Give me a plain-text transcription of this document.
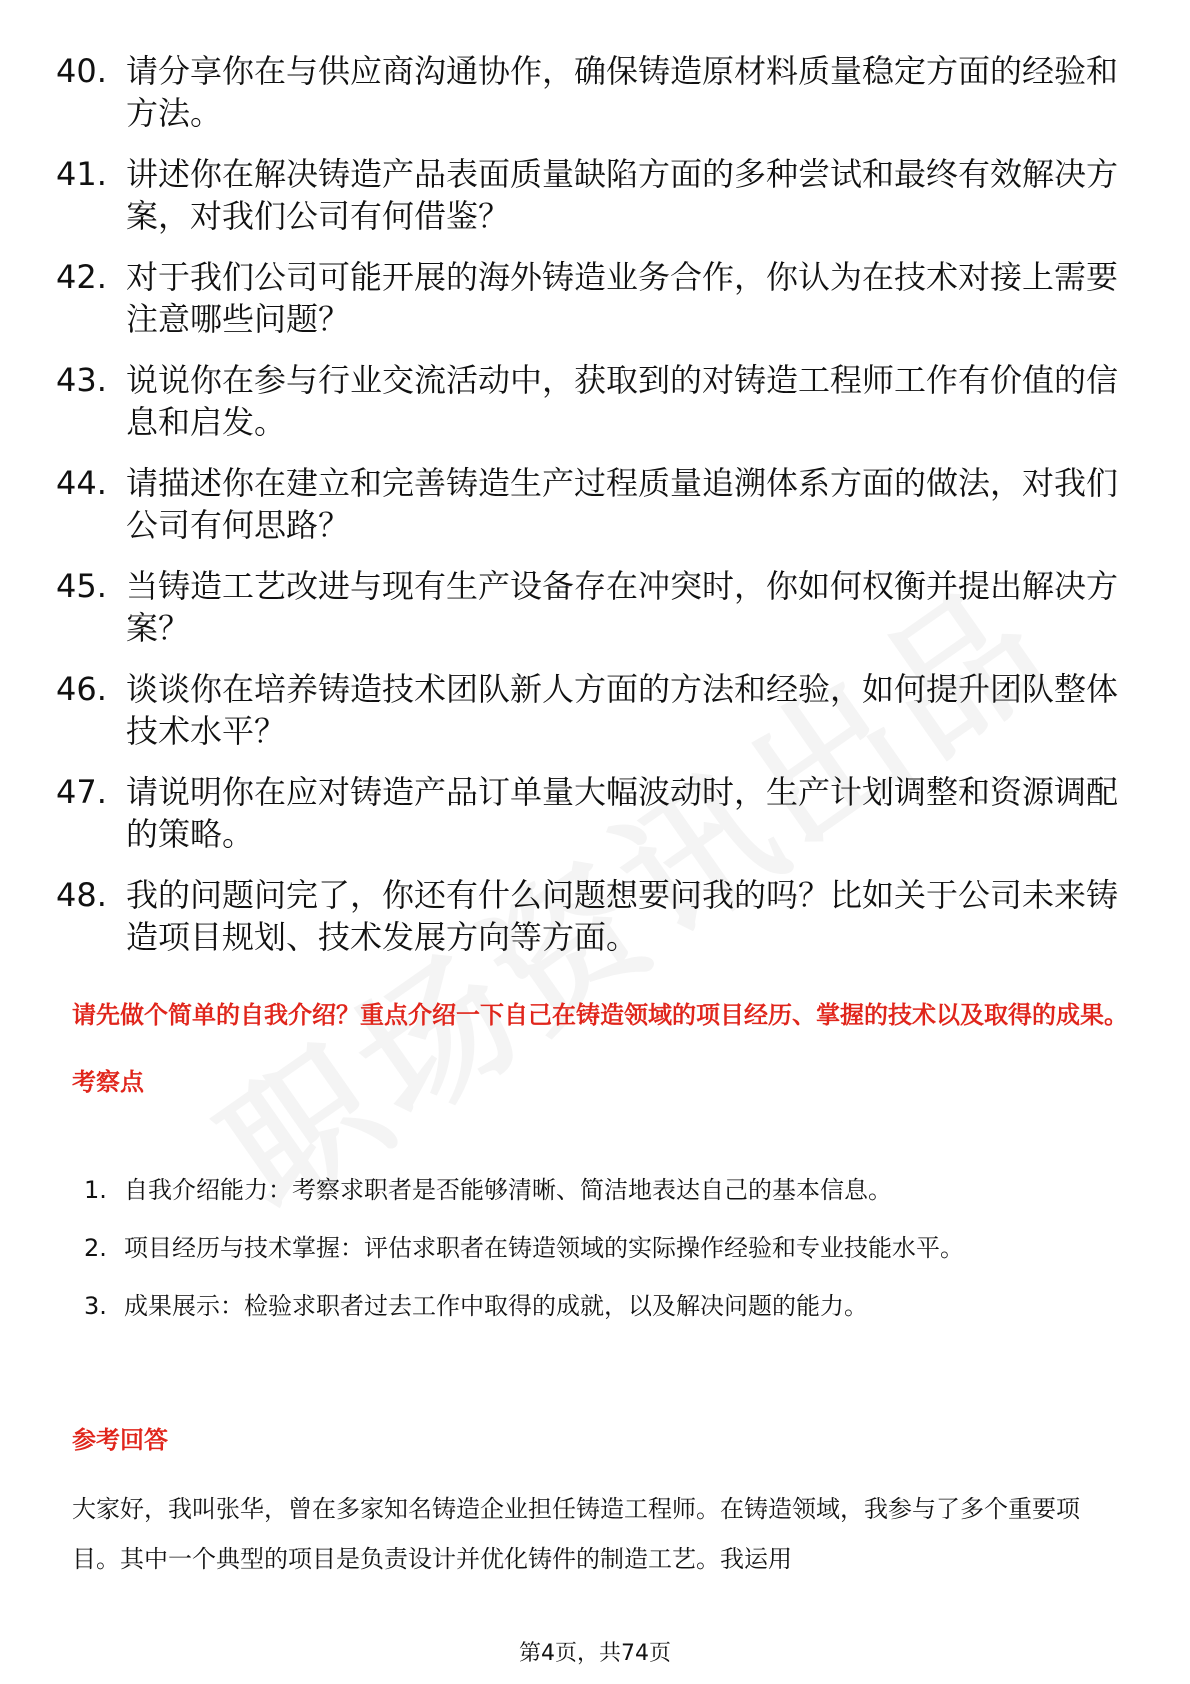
40. 请分享你在与供应商沟通协作，确保铸造原材料质量稳定方面的经验和方法。
41. 讲述你在解决铸造产品表面质量缺陷方面的多种尝试和最终有效解决方案，对我们公司有何借鉴？
42. 对于我们公司可能开展的海外铸造业务合作，你认为在技术对接上需要注意哪些问题？
43. 说说你在参与行业交流活动中，获取到的对铸造工程师工作有价值的信息和启发。
44. 请描述你在建立和完善铸造生产过程质量追溯体系方面的做法，对我们公司有何思路？
45. 当铸造工艺改进与现有生产设备存在冲突时，你如何权衡并提出解决方案？
46. 谈谈你在培养铸造技术团队新人方面的方法和经验，如何提升团队整体技术水平？
47. 请说明你在应对铸造产品订单量大幅波动时，生产计划调整和资源调配的策略。
48. 我的问题问完了，你还有什么问题想要问我的吗？比如关于公司未来铸造项目规划、技术发展方向等方面。
请先做个简单的自我介绍？重点介绍一下自己在铸造领域的项目经历、掌握的技术以及取得的成果。
考察点
1. 自我介绍能力：考察求职者是否能够清晰、简洁地表达自己的基本信息。
2. 项目经历与技术掌握：评估求职者在铸造领域的实际操作经验和专业技能水平。
3. 成果展示：检验求职者过去工作中取得的成就，以及解决问题的能力。
参考回答
大家好，我叫张华，曾在多家知名铸造企业担任铸造工程师。在铸造领域，我参与了多个重要项目。其中一个典型的项目是负责设计并优化铸件的制造工艺。我运用
第4页，共74页
